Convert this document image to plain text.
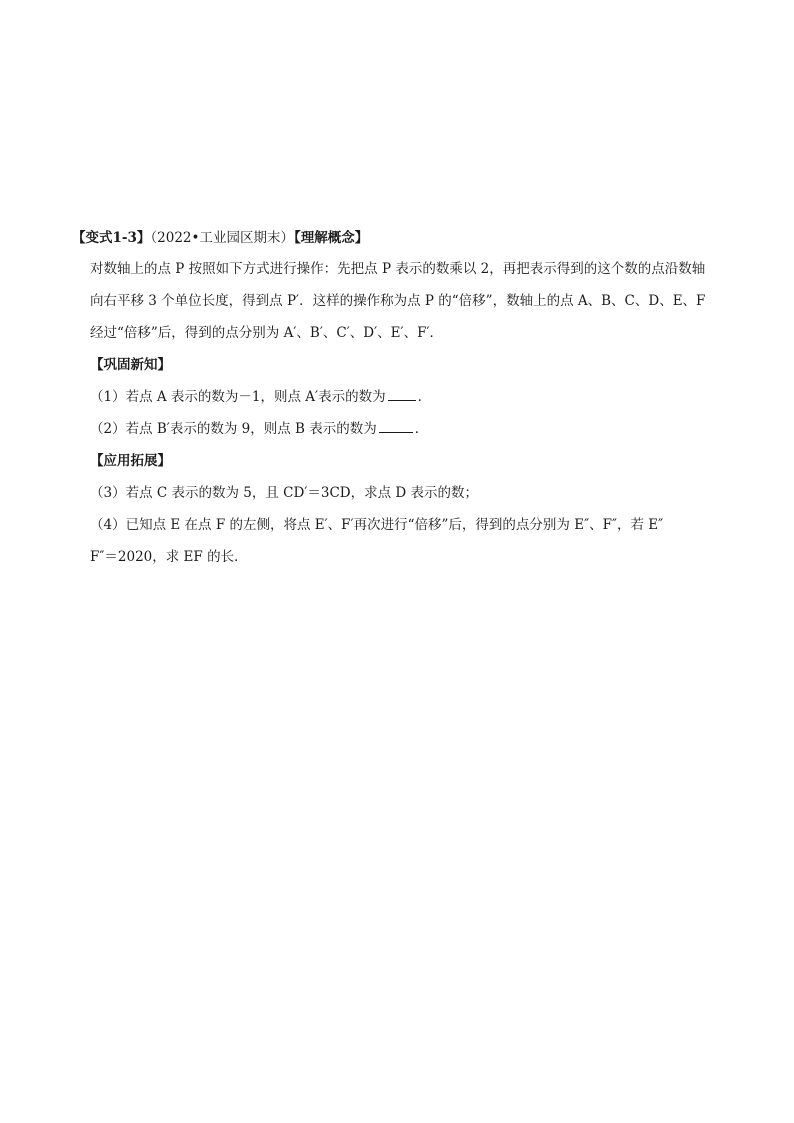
【变式1-3】（2022•工业园区期末）【理解概念】
对数轴上的点 P 按照如下方式进行操作：先把点 P 表示的数乘以 2，再把表示得到的这个数的点沿数轴
向右平移 3 个单位长度，得到点 P′．这样的操作称为点 P 的“倍移”，数轴上的点 A、B、C、D、E、F
经过“倍移”后，得到的点分别为 A′、B′、C′、D′、E′、F′．
【巩固新知】
（1）若点 A 表示的数为－1，则点 A′表示的数为 ．
（2）若点 B′表示的数为 9，则点 B 表示的数为	．
【应用拓展】
（3）若点 C 表示的数为 5，且 CD′＝3CD，求点 D 表示的数；
（4）已知点 E 在点 F 的左侧，将点 E′、F′再次进行“倍移”后，得到的点分别为 E″、F″，若 E″
F″＝2020，求 EF 的长．
